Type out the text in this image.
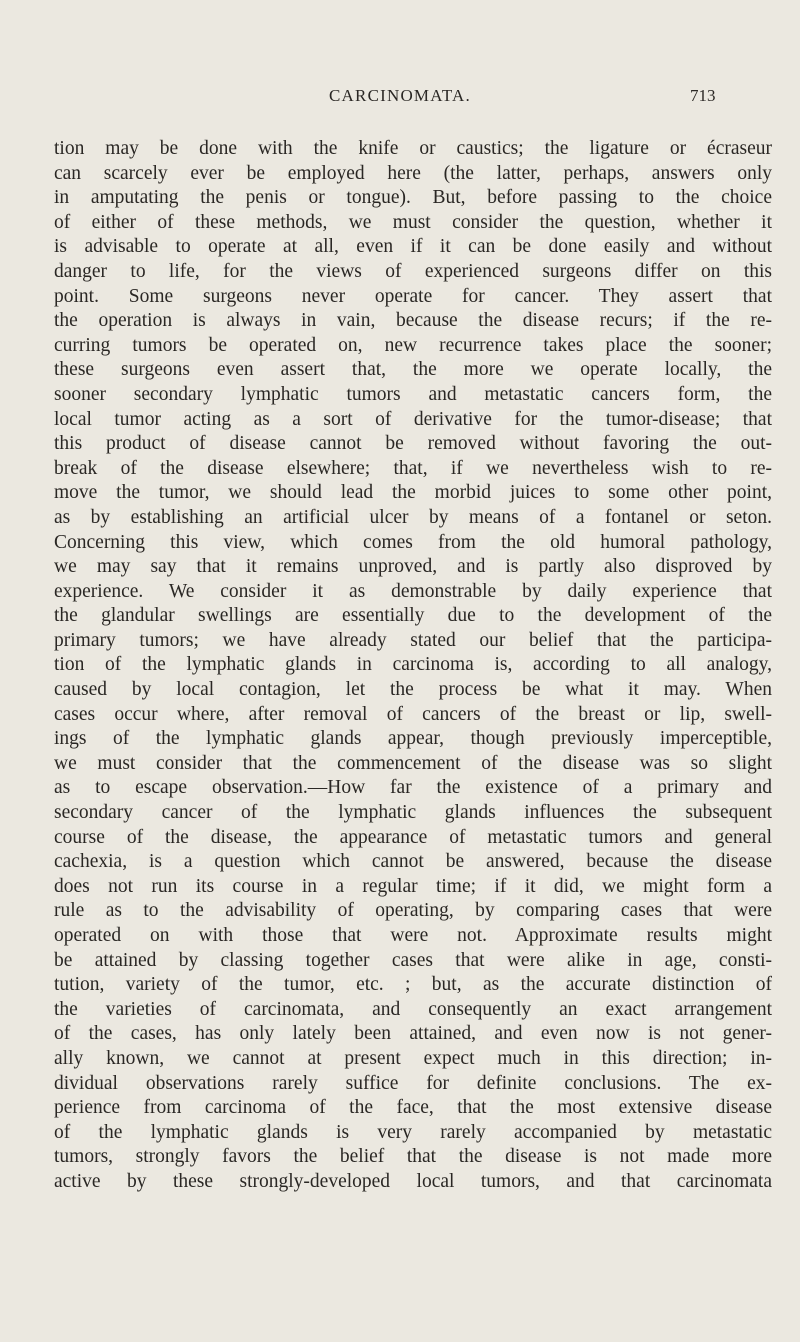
CARCINOMATA.	713
tion may be done with the knife or caustics; the ligature or écraseur
can scarcely ever be employed here (the latter, perhaps, answers only
in amputating the penis or tongue). But, before passing to the choice
of either of these methods, we must consider the question, whether it
is advisable to operate at all, even if it can be done easily and without
danger to life, for the views of experienced surgeons differ on this
point. Some surgeons never operate for cancer. They assert that
the operation is always in vain, because the disease recurs; if the re-
curring tumors be operated on, new recurrence takes place the sooner;
these surgeons even assert that, the more we operate locally, the
sooner secondary lymphatic tumors and metastatic cancers form, the
local tumor acting as a sort of derivative for the tumor-disease; that
this product of disease cannot be removed without favoring the out-
break of the disease elsewhere; that, if we nevertheless wish to re-
move the tumor, we should lead the morbid juices to some other point,
as by establishing an artificial ulcer by means of a fontanel or seton.
Concerning this view, which comes from the old humoral pathology,
we may say that it remains unproved, and is partly also disproved by
experience. We consider it as demonstrable by daily experience that
the glandular swellings are essentially due to the development of the
primary tumors; we have already stated our belief that the participa-
tion of the lymphatic glands in carcinoma is, according to all analogy,
caused by local contagion, let the process be what it may. When
cases occur where, after removal of cancers of the breast or lip, swell-
ings of the lymphatic glands appear, though previously imperceptible,
we must consider that the commencement of the disease was so slight
as to escape observation.—How far the existence of a primary and
secondary cancer of the lymphatic glands influences the subsequent
course of the disease, the appearance of metastatic tumors and general
cachexia, is a question which cannot be answered, because the disease
does not run its course in a regular time; if it did, we might form a
rule as to the advisability of operating, by comparing cases that were
operated on with those that were not. Approximate results might
be attained by classing together cases that were alike in age, consti-
tution, variety of the tumor, etc. ; but, as the accurate distinction of
the varieties of carcinomata, and consequently an exact arrangement
of the cases, has only lately been attained, and even now is not gener-
ally known, we cannot at present expect much in this direction; in-
dividual observations rarely suffice for definite conclusions. The ex-
perience from carcinoma of the face, that the most extensive disease
of the lymphatic glands is very rarely accompanied by metastatic
tumors, strongly favors the belief that the disease is not made more
active by these strongly-developed local tumors, and that carcinomata
